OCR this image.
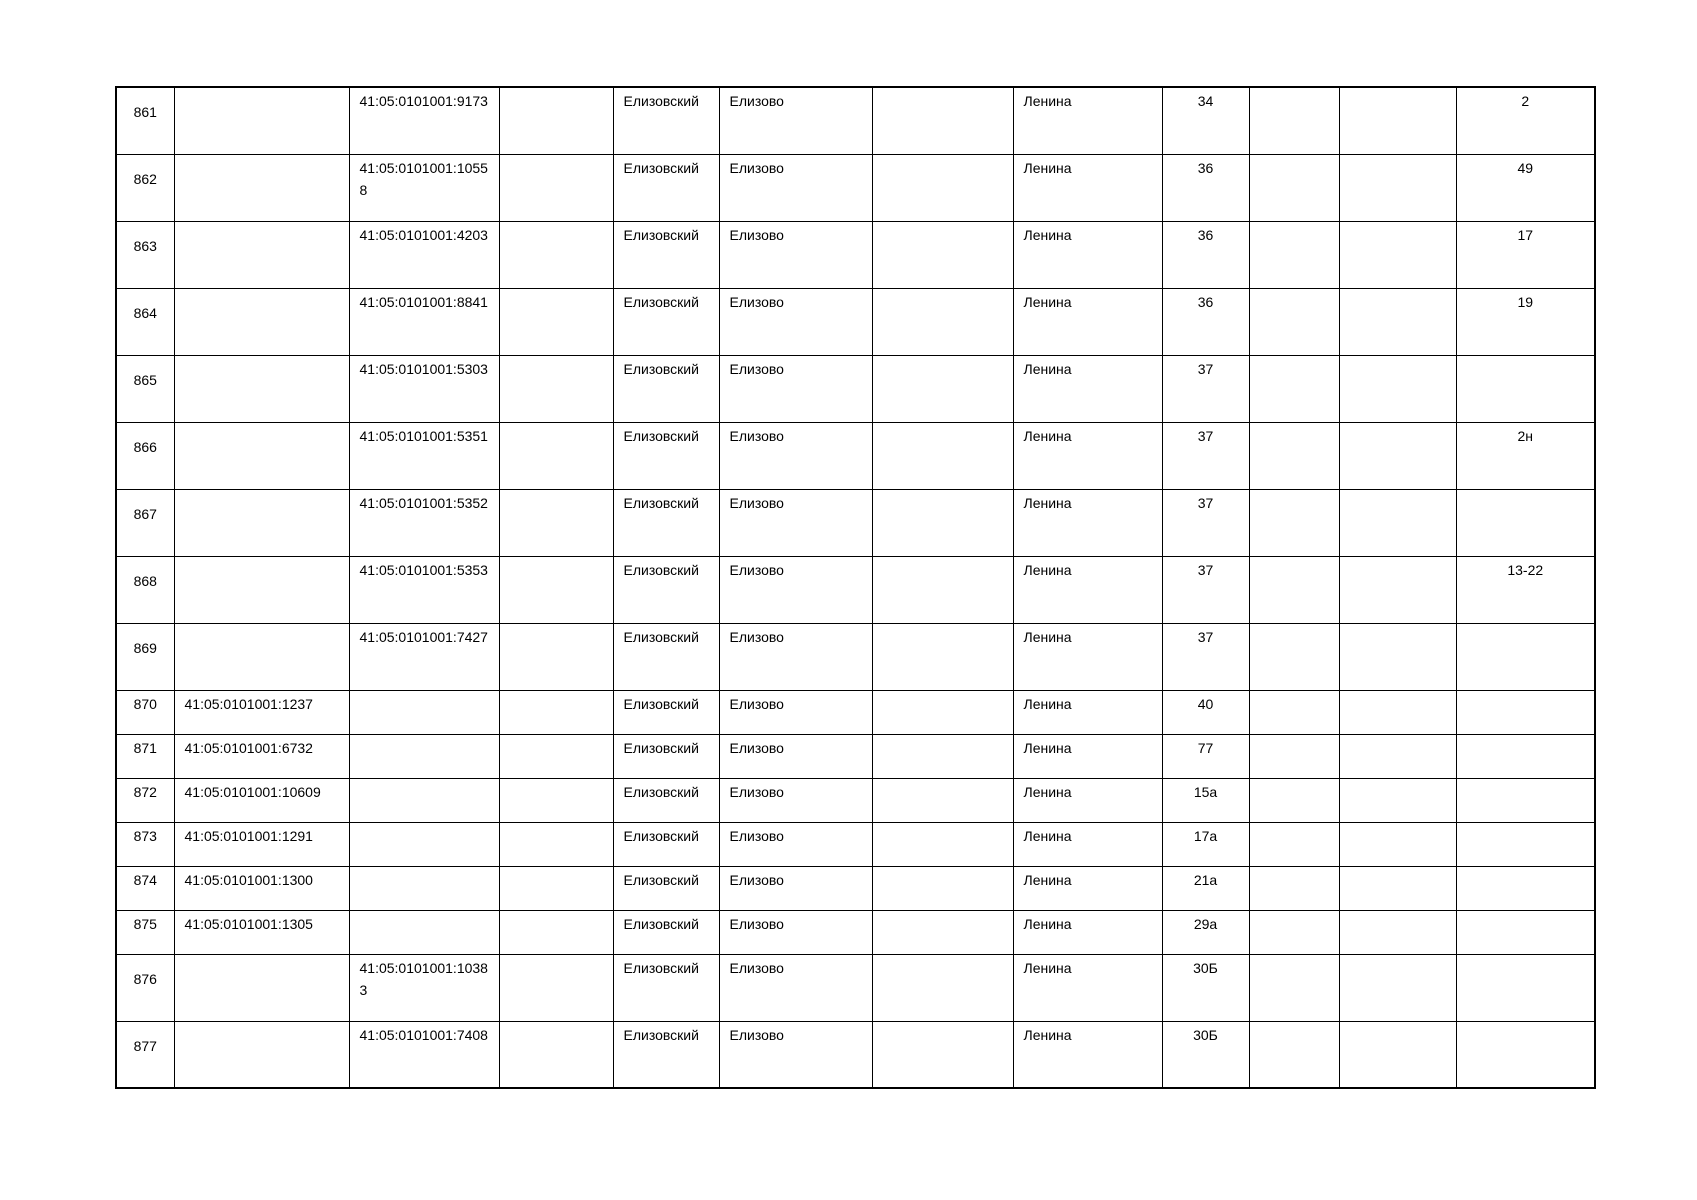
861		41:05:0101001:9173		Елизовский	Елизово		Ленина	34			2
862		41:05:0101001:10558		Елизовский	Елизово		Ленина	36			49
863		41:05:0101001:4203		Елизовский	Елизово		Ленина	36			17
864		41:05:0101001:8841		Елизовский	Елизово		Ленина	36			19
865		41:05:0101001:5303		Елизовский	Елизово		Ленина	37			
866		41:05:0101001:5351		Елизовский	Елизово		Ленина	37			2н
867		41:05:0101001:5352		Елизовский	Елизово		Ленина	37			
868		41:05:0101001:5353		Елизовский	Елизово		Ленина	37			13-22
869		41:05:0101001:7427		Елизовский	Елизово		Ленина	37			
870	41:05:0101001:1237			Елизовский	Елизово		Ленина	40			
871	41:05:0101001:6732			Елизовский	Елизово		Ленина	77			
872	41:05:0101001:10609			Елизовский	Елизово		Ленина	15а			
873	41:05:0101001:1291			Елизовский	Елизово		Ленина	17а			
874	41:05:0101001:1300			Елизовский	Елизово		Ленина	21а			
875	41:05:0101001:1305			Елизовский	Елизово		Ленина	29а			
876		41:05:0101001:10383		Елизовский	Елизово		Ленина	30Б			
877		41:05:0101001:7408		Елизовский	Елизово		Ленина	30Б			
